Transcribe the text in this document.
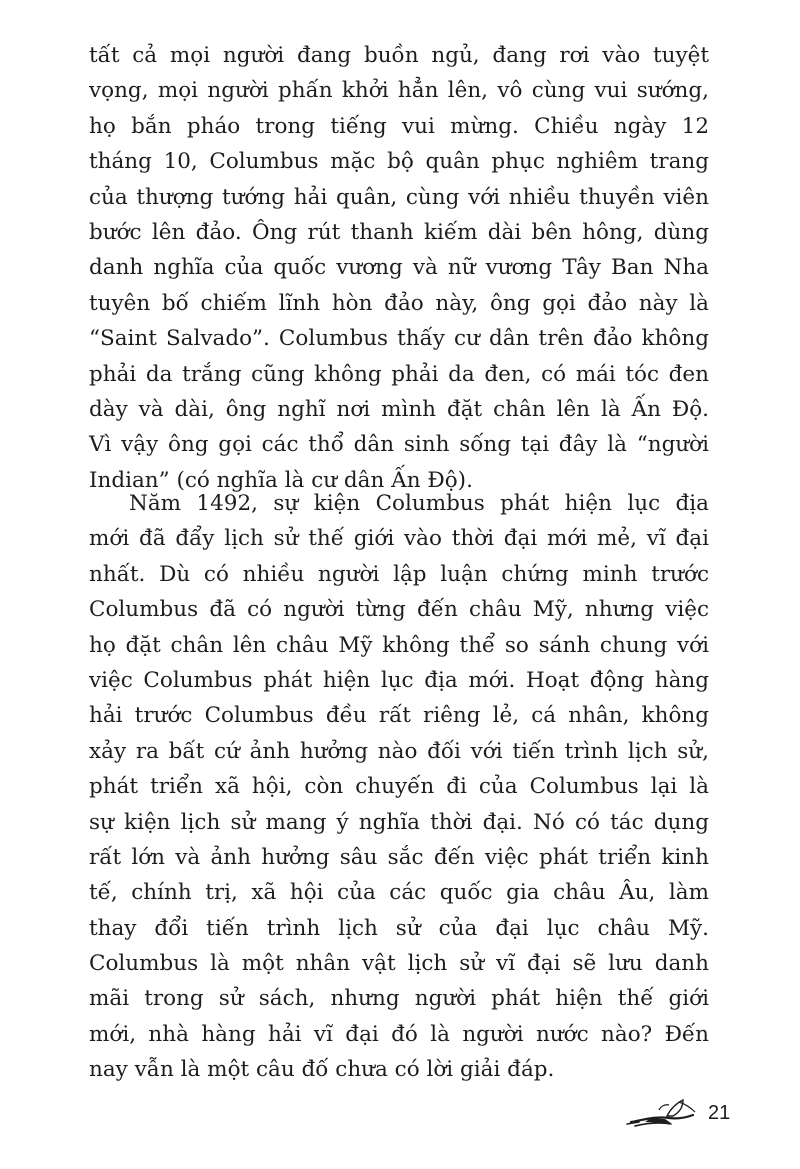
tất cả mọi người đang buồn ngủ, đang rơi vào tuyệt
vọng, mọi người phấn khởi hẳn lên, vô cùng vui sướng,
họ bắn pháo trong tiếng vui mừng. Chiều ngày 12
tháng 10, Columbus mặc bộ quân phục nghiêm trang
của thượng tướng hải quân, cùng với nhiều thuyền viên
bước lên đảo. Ông rút thanh kiếm dài bên hông, dùng
danh nghĩa của quốc vương và nữ vương Tây Ban Nha
tuyên bố chiếm lĩnh hòn đảo này, ông gọi đảo này là
“Saint Salvado”. Columbus thấy cư dân trên đảo không
phải da trắng cũng không phải da đen, có mái tóc đen
dày và dài, ông nghĩ nơi mình đặt chân lên là Ấn Độ.
Vì vậy ông gọi các thổ dân sinh sống tại đây là “người
Indian” (có nghĩa là cư dân Ấn Độ).
Năm 1492, sự kiện Columbus phát hiện lục địa
mới đã đẩy lịch sử thế giới vào thời đại mới mẻ, vĩ đại
nhất. Dù có nhiều người lập luận chứng minh trước
Columbus đã có người từng đến châu Mỹ, nhưng việc
họ đặt chân lên châu Mỹ không thể so sánh chung với
việc Columbus phát hiện lục địa mới. Hoạt động hàng
hải trước Columbus đều rất riêng lẻ, cá nhân, không
xảy ra bất cứ ảnh hưởng nào đối với tiến trình lịch sử,
phát triển xã hội, còn chuyến đi của Columbus lại là
sự kiện lịch sử mang ý nghĩa thời đại. Nó có tác dụng
rất lớn và ảnh hưởng sâu sắc đến việc phát triển kinh
tế, chính trị, xã hội của các quốc gia châu Âu, làm
thay đổi tiến trình lịch sử của đại lục châu Mỹ.
Columbus là một nhân vật lịch sử vĩ đại sẽ lưu danh
mãi trong sử sách, nhưng người phát hiện thế giới
mới, nhà hàng hải vĩ đại đó là người nước nào? Đến
nay vẫn là một câu đố chưa có lời giải đáp.
21
